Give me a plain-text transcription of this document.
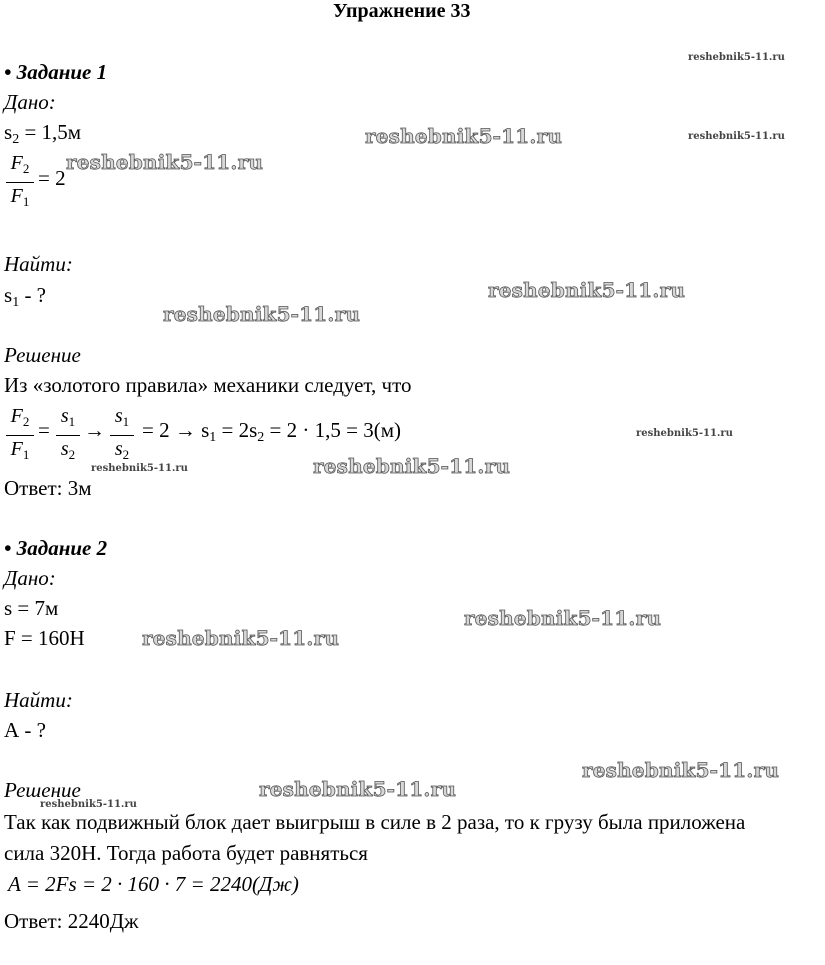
Упражнение 33
• Задание 1
Дано:
$s_2 = 1,5м$
$F_2$
$F_1$
= 2
Найти:
$s_1$ - ?
Решение
Из «золотого правила» механики следует, что
$F_2$
$F_1$
=
$s_1$
$s_2$
→
$s_1$
$s_2$
= $2 \to s_1 = 2s_2 = 2 \cdot 1,5 = 3(м)$
Ответ: 3м
• Задание 2
Дано:
s = 7м
F = 160Н
Найти:
А - ?
Решение
Так как подвижный блок дает выигрыш в силе в 2 раза, то к грузу была приложена
сила 320Н. Тогда работа будет равняться
A = 2Fs = 2 · 160 · 7 = 2240(Дж)
Ответ: 2240Дж
reshebnik5-11.ru
reshebnik5-11.ru	reshebnik5-11.ru
reshebnik5-11.ru
reshebnik5-11.ru
reshebnik5-11.ru
reshebnik5-11.ru
reshebnik5-11.ru
reshebnik5-11.ru
reshebnik5-11.ru
reshebnik5-11.ru
reshebnik5-11.ru
reshebnik5-11.ru
reshebnik5-11.ru
